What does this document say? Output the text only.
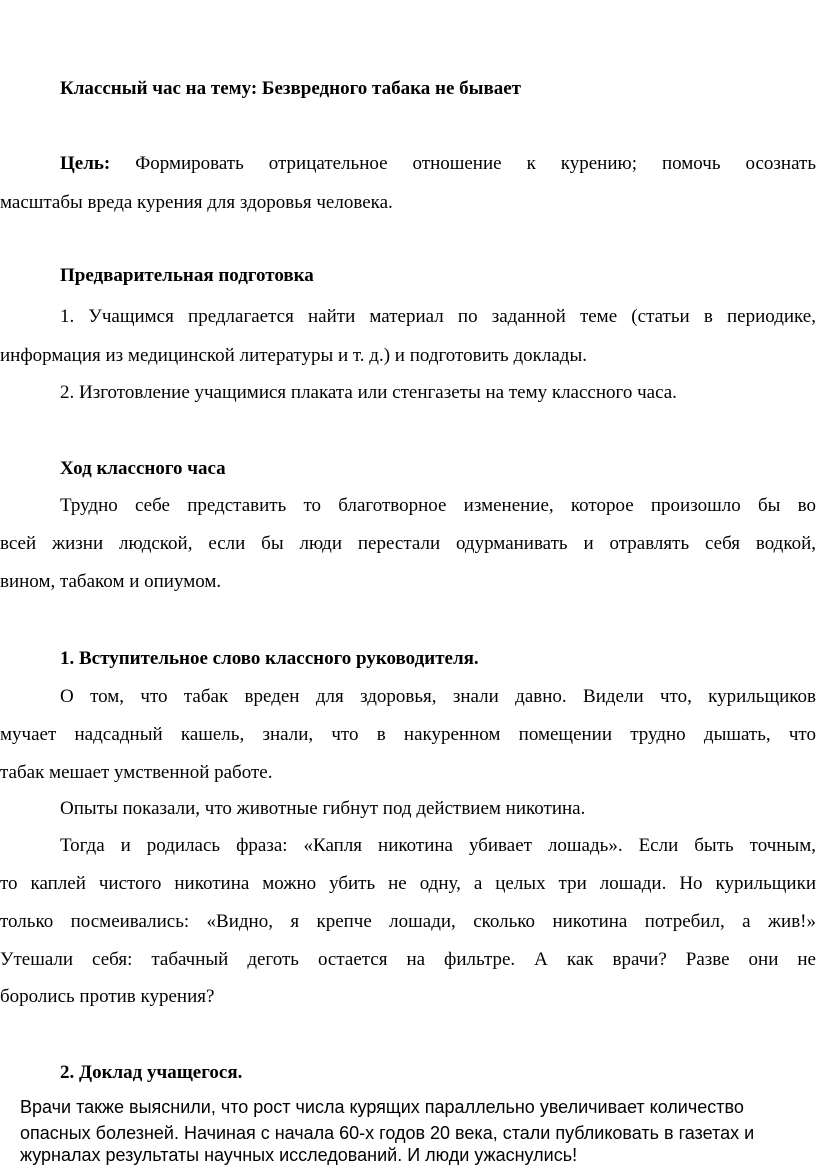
Классный час на тему: Безвредного табака не бывает

Цель: Формировать отрицательное отношение к курению; помочь осознать

масштабы вреда курения для здоровья человека.

Предварительная подготовка

1. Учащимся предлагается найти материал по заданной теме (статьи в периодике,

информация из медицинской литературы и т. д.) и подготовить доклады.

2. Изготовление учащимися плаката или стенгазеты на тему классного часа.

Ход классного часа

Трудно себе представить то благотворное изменение, которое произошло бы во

всей жизни людской, если бы люди перестали одурманивать и отравлять себя водкой,

вином, табаком и опиумом.

1. Вступительное слово классного руководителя.

О том, что табак вреден для здоровья, знали давно. Видели что, курильщиков

мучает надсадный кашель, знали, что в накуренном помещении трудно дышать, что

табак мешает умственной работе.

Опыты показали, что животные гибнут под действием никотина.

Тогда и родилась фраза: «Капля никотина убивает лошадь». Если быть точным,

то каплей чистого никотина можно убить не одну, а целых три лошади. Но курильщики

только посмеивались: «Видно, я крепче лошади, сколько никотина потребил, а жив!»

Утешали себя: табачный деготь остается на фильтре. А как врачи? Разве они не

боролись против курения?

2. Доклад учащегося.

Врачи также выяснили, что рост числа курящих параллельно увеличивает количество

опасных болезней. Начиная с начала 60-х годов 20 века, стали публиковать в газетах и

журналах результаты научных исследований. И люди ужаснулись!
